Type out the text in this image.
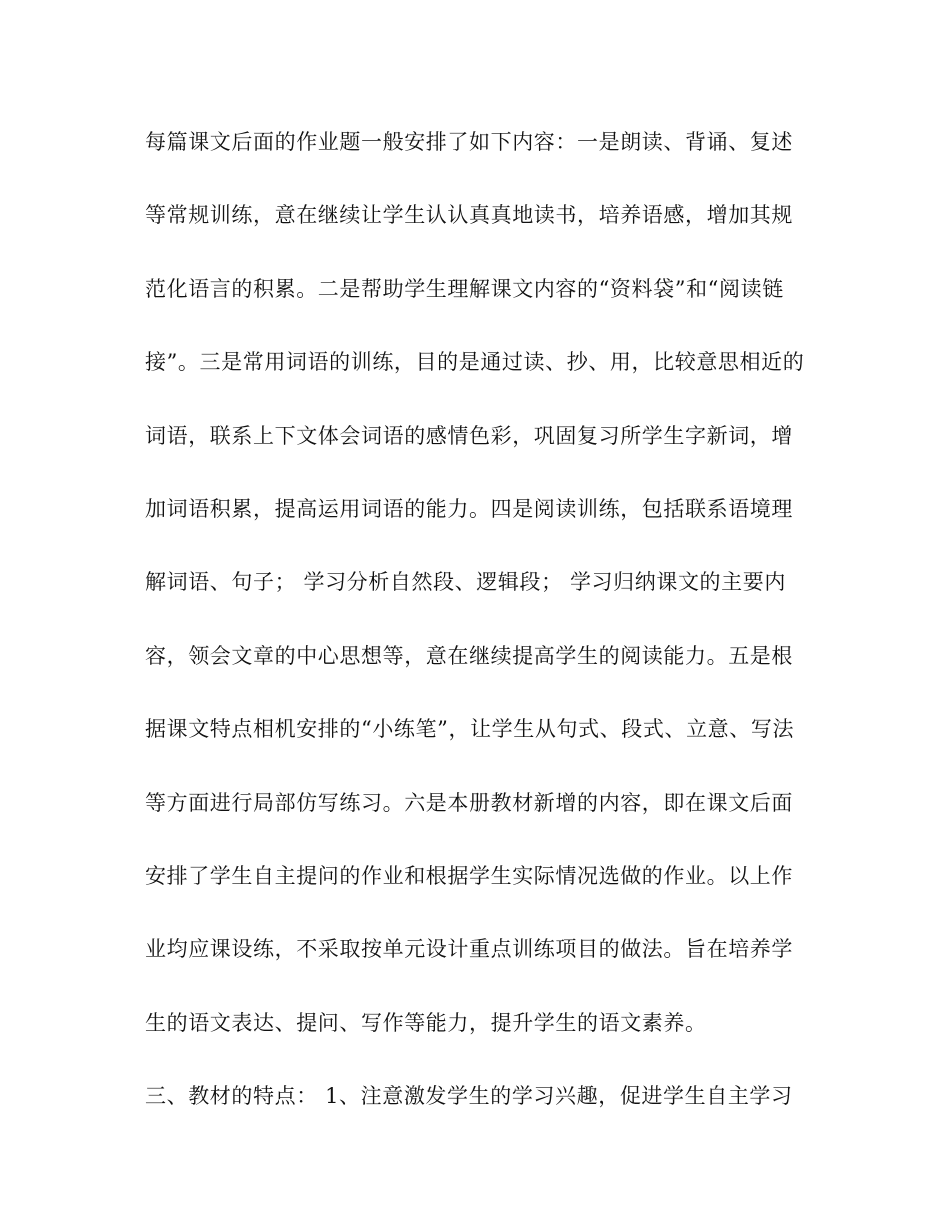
每篇课文后面的作业题一般安排了如下内容：一是朗读、背诵、复述
等常规训练，意在继续让学生认认真真地读书，培养语感，增加其规
范化语言的积累。二是帮助学生理解课文内容的“资料袋”和“阅读链
接”。三是常用词语的训练，目的是通过读、抄、用，比较意思相近的
词语，联系上下文体会词语的感情色彩，巩固复习所学生字新词，增
加词语积累，提高运用词语的能力。四是阅读训练，包括联系语境理
解词语、句子； 学习分析自然段、逻辑段； 学习归纳课文的主要内
容，领会文章的中心思想等，意在继续提高学生的阅读能力。五是根
据课文特点相机安排的“小练笔”，让学生从句式、段式、立意、写法
等方面进行局部仿写练习。六是本册教材新增的内容，即在课文后面
安排了学生自主提问的作业和根据学生实际情况选做的作业。以上作
业均应课设练，不采取按单元设计重点训练项目的做法。旨在培养学
生的语文表达、提问、写作等能力，提升学生的语文素养。
三、教材的特点： 1、注意激发学生的学习兴趣，促进学生自主学习
